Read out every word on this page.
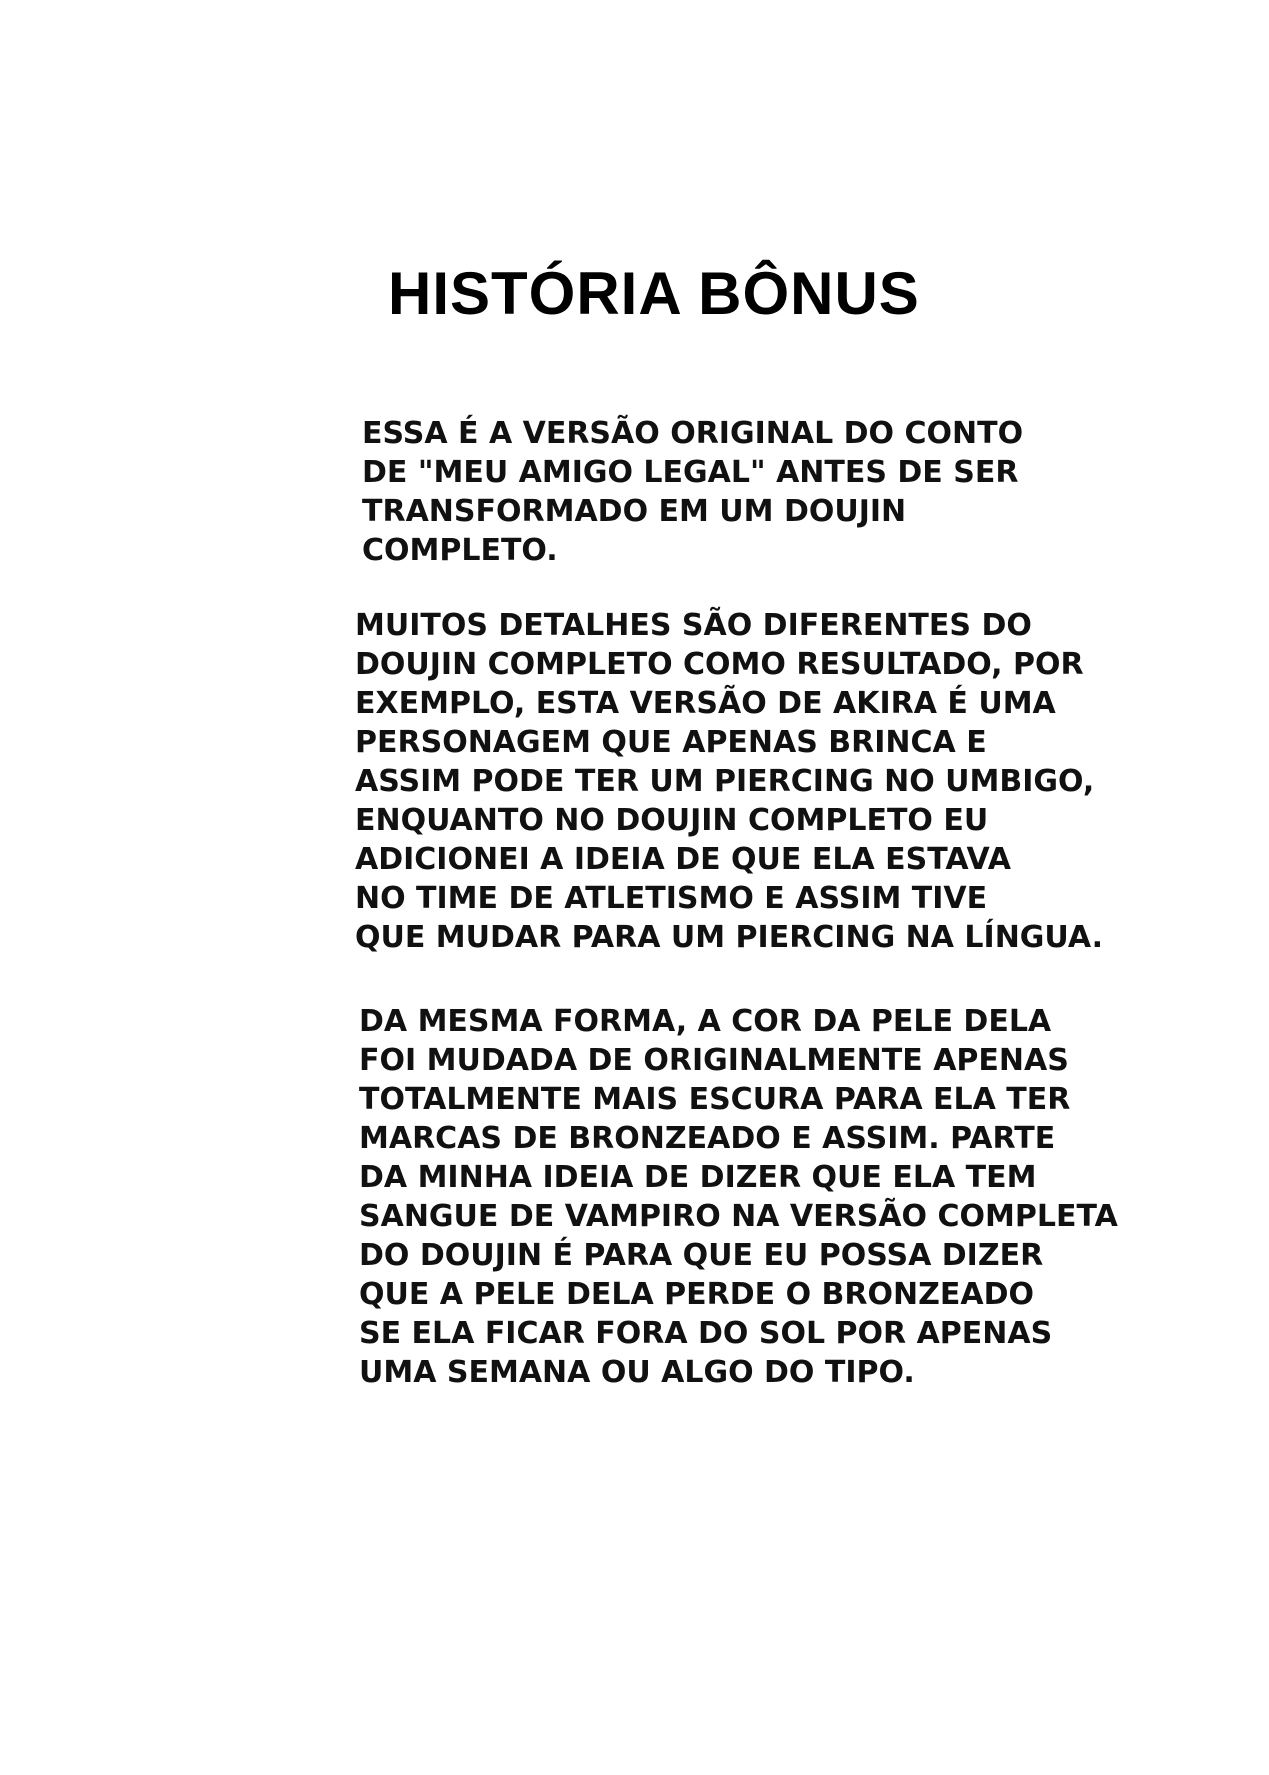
HISTÓRIA BÔNUS
ESSA É A VERSÃO ORIGINAL DO CONTO
DE "MEU AMIGO LEGAL" ANTES DE SER
TRANSFORMADO EM UM DOUJIN
COMPLETO.
MUITOS DETALHES SÃO DIFERENTES DO
DOUJIN COMPLETO COMO RESULTADO, POR
EXEMPLO, ESTA VERSÃO DE AKIRA É UMA
PERSONAGEM QUE APENAS BRINCA E
ASSIM PODE TER UM PIERCING NO UMBIGO,
ENQUANTO NO DOUJIN COMPLETO EU
ADICIONEI A IDEIA DE QUE ELA ESTAVA
NO TIME DE ATLETISMO E ASSIM TIVE
QUE MUDAR PARA UM PIERCING NA LÍNGUA.
DA MESMA FORMA, A COR DA PELE DELA
FOI MUDADA DE ORIGINALMENTE APENAS
TOTALMENTE MAIS ESCURA PARA ELA TER
MARCAS DE BRONZEADO E ASSIM. PARTE
DA MINHA IDEIA DE DIZER QUE ELA TEM
SANGUE DE VAMPIRO NA VERSÃO COMPLETA
DO DOUJIN É PARA QUE EU POSSA DIZER
QUE A PELE DELA PERDE O BRONZEADO
SE ELA FICAR FORA DO SOL POR APENAS
UMA SEMANA OU ALGO DO TIPO.
